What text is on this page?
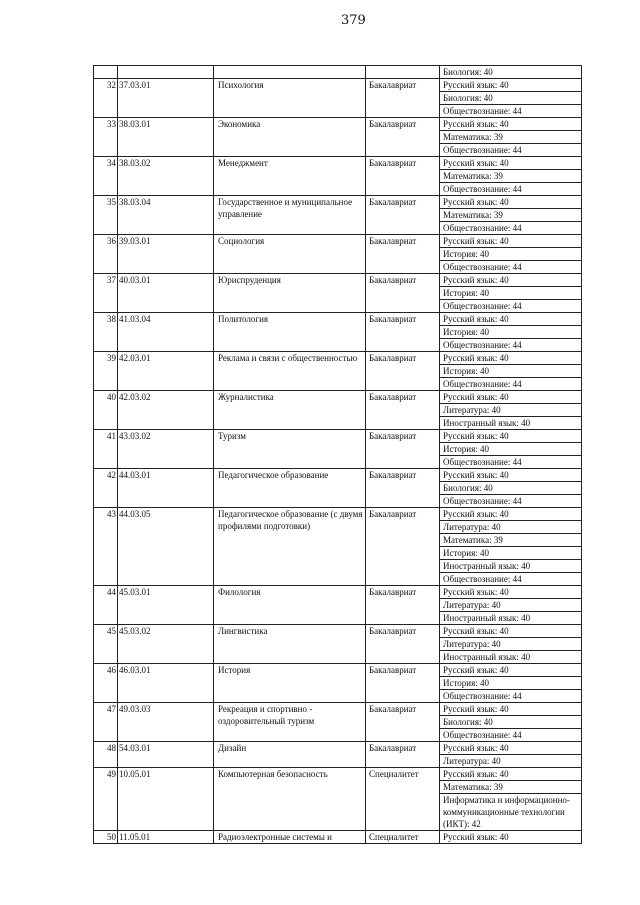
379
				Биология: 40
32	37.03.01	Психология	Бакалавриат	Русский язык: 40
				Биология: 40
				Обществознание: 44
33	38.03.01	Экономика	Бакалавриат	Русский язык: 40
				Математика: 39
				Обществознание: 44
34	38.03.02	Менеджмент	Бакалавриат	Русский язык: 40
				Математика: 39
				Обществознание: 44
35	38.03.04	Государственное и муниципальное управление	Бакалавриат	Русский язык: 40
				Математика: 39
				Обществознание: 44
36	39.03.01	Социология	Бакалавриат	Русский язык: 40
				История: 40
				Обществознание: 44
37	40.03.01	Юриспруденция	Бакалавриат	Русский язык: 40
				История: 40
				Обществознание: 44
38	41.03.04	Политология	Бакалавриат	Русский язык: 40
				История: 40
				Обществознание: 44
39	42.03.01	Реклама и связи с общественностью	Бакалавриат	Русский язык: 40
				История: 40
				Обществознание: 44
40	42.03.02	Журналистика	Бакалавриат	Русский язык: 40
				Литература: 40
				Иностранный язык: 40
41	43.03.02	Туризм	Бакалавриат	Русский язык: 40
				История: 40
				Обществознание: 44
42	44.03.01	Педагогическое образование	Бакалавриат	Русский язык: 40
				Биология: 40
				Обществознание: 44
43	44.03.05	Педагогическое образование (с двумя профилями подготовки)	Бакалавриат	Русский язык: 40
				Литература: 40
				Математика: 39
				История: 40
				Иностранный язык: 40
				Обществознание: 44
44	45.03.01	Филология	Бакалавриат	Русский язык: 40
				Литература: 40
				Иностранный язык: 40
45	45.03.02	Лингвистика	Бакалавриат	Русский язык: 40
				Литература: 40
				Иностранный язык: 40
46	46.03.01	История	Бакалавриат	Русский язык: 40
				История: 40
				Обществознание: 44
47	49.03.03	Рекреация и спортивно - оздоровительный туризм	Бакалавриат	Русский язык: 40
				Биология: 40
				Обществознание: 44
48	54.03.01	Дизайн	Бакалавриат	Русский язык: 40
				Литература: 40
49	10.05.01	Компьютерная безопасность	Специалитет	Русский язык: 40
				Математика: 39
				Информатика и информационно-коммуникационные технологии (ИКТ): 42
50	11.05.01	Радиоэлектронные системы и	Специалитет	Русский язык: 40
